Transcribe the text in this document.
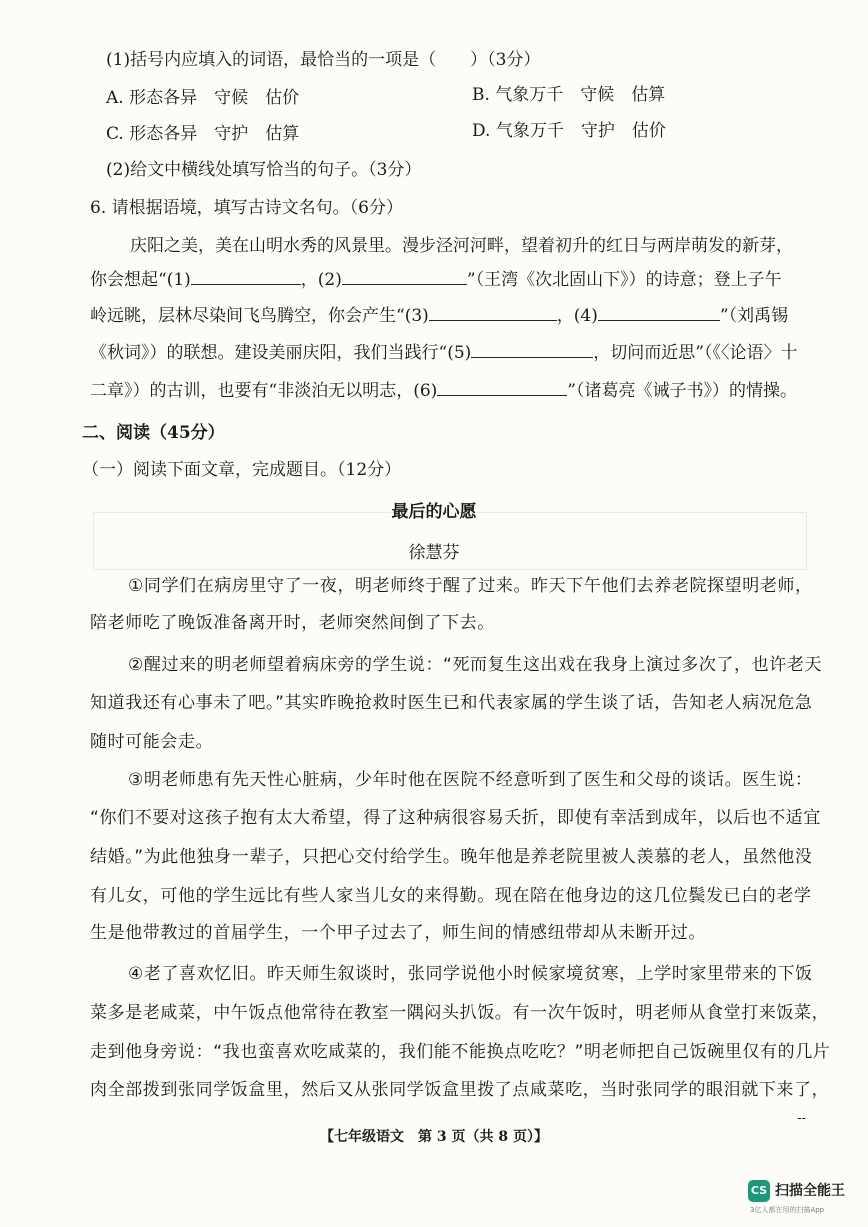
(1)括号内应填入的词语，最恰当的一项是（　　）（3分）
A. 形态各异　守候　估价	B. 气象万千　守候　估算
C. 形态各异　守护　估算	D. 气象万千　守护　估价
(2)给文中横线处填写恰当的句子。（3分）
6. 请根据语境，填写古诗文名句。（6分）
庆阳之美，美在山明水秀的风景里。漫步泾河河畔，望着初升的红日与两岸萌发的新芽，
你会想起“(1)	，(2)	”（王湾《次北固山下》）的诗意；登上子午
岭远眺，层林尽染间飞鸟腾空，你会产生“(3)	，(4)	”（刘禹锡
《秋词》）的联想。建设美丽庆阳，我们当践行“(5)	，切问而近思”（《〈论语〉十
二章》）的古训，也要有“非淡泊无以明志，(6)	”（诸葛亮《诫子书》）的情操。
二、阅读（45分）
（一）阅读下面文章，完成题目。（12分）
最后的心愿
徐慧芬
①同学们在病房里守了一夜，明老师终于醒了过来。昨天下午他们去养老院探望明老师，
陪老师吃了晚饭准备离开时，老师突然间倒了下去。
②醒过来的明老师望着病床旁的学生说：“死而复生这出戏在我身上演过多次了，也许老天
知道我还有心事未了吧。”其实昨晚抢救时医生已和代表家属的学生谈了话，告知老人病况危急
随时可能会走。
③明老师患有先天性心脏病，少年时他在医院不经意听到了医生和父母的谈话。医生说：
“你们不要对这孩子抱有太大希望，得了这种病很容易夭折，即使有幸活到成年，以后也不适宜
结婚。”为此他独身一辈子，只把心交付给学生。晚年他是养老院里被人羡慕的老人，虽然他没
有儿女，可他的学生远比有些人家当儿女的来得勤。现在陪在他身边的这几位鬓发已白的老学
生是他带教过的首届学生，一个甲子过去了，师生间的情感纽带却从未断开过。
④老了喜欢忆旧。昨天师生叙谈时，张同学说他小时候家境贫寒，上学时家里带来的下饭
菜多是老咸菜，中午饭点他常待在教室一隅闷头扒饭。有一次午饭时，明老师从食堂打来饭菜，
走到他身旁说：“我也蛮喜欢吃咸菜的，我们能不能换点吃吃？”明老师把自己饭碗里仅有的几片
肉全部拨到张同学饭盒里，然后又从张同学饭盒里拨了点咸菜吃，当时张同学的眼泪就下来了，
【七年级语文　第 3 页（共 8 页）】
--
CS 扫描全能王
3亿人都在用的扫描App
